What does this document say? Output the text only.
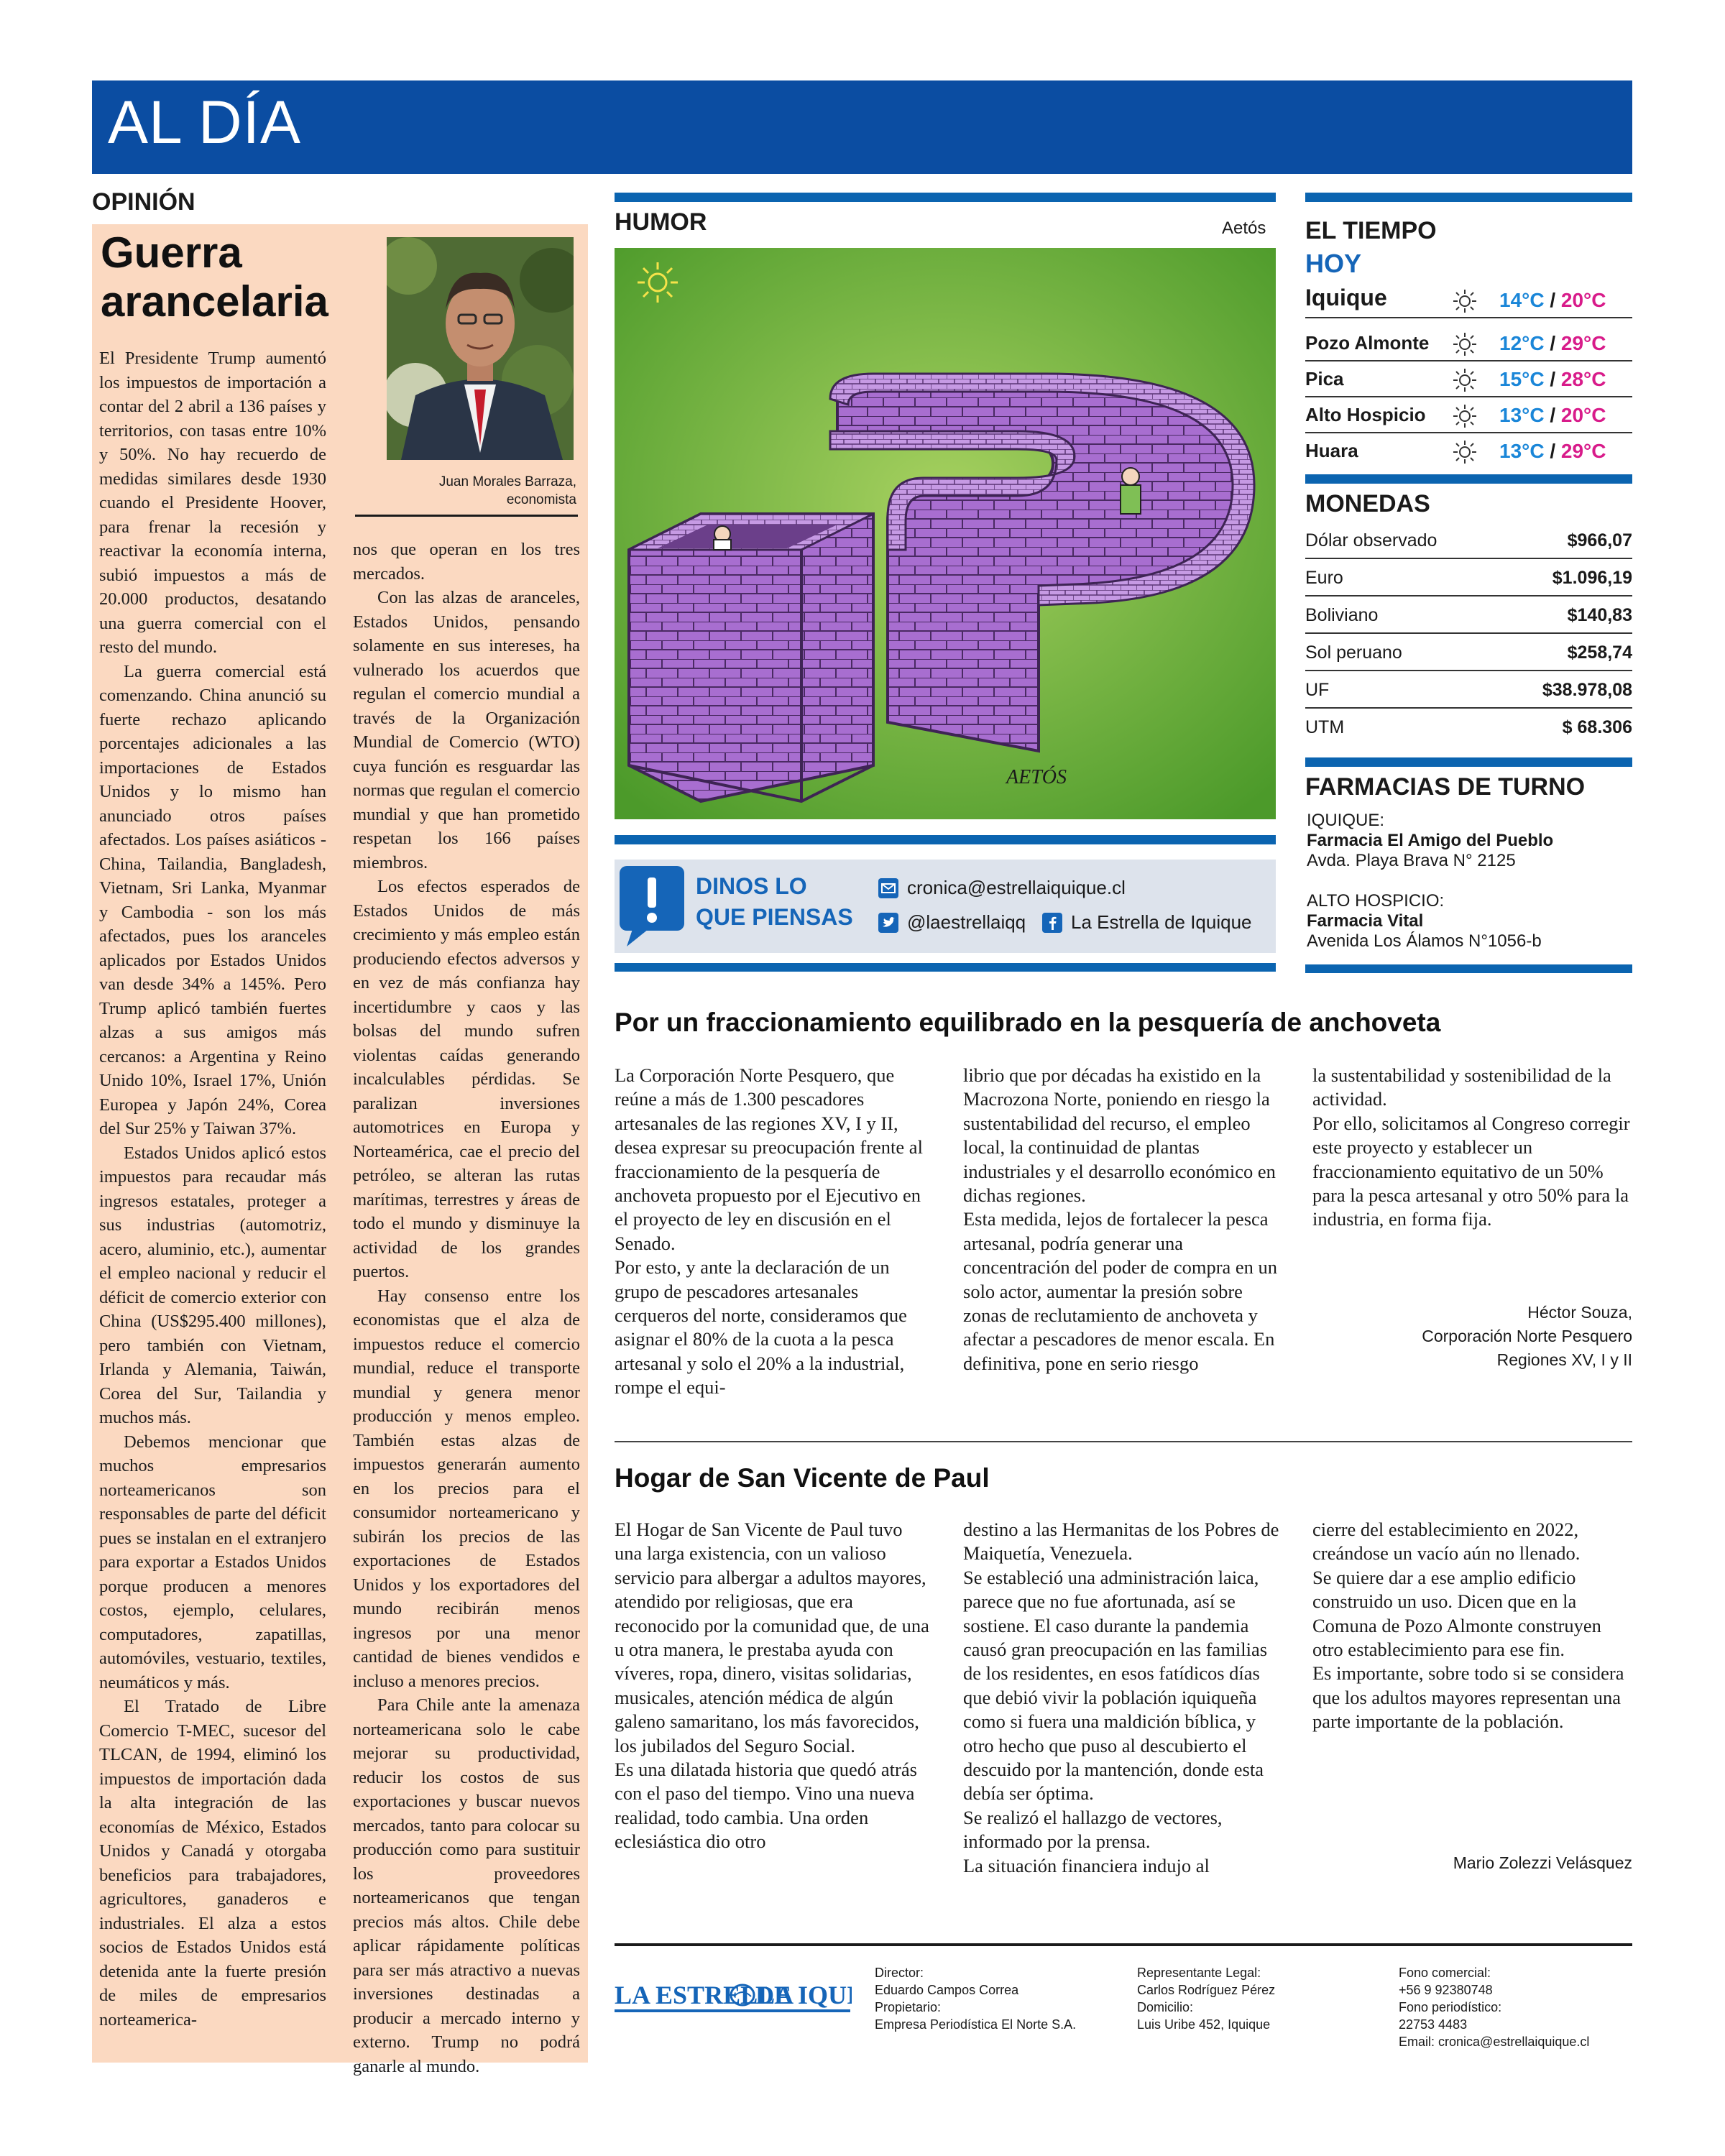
AL DÍA
OPINIÓN
Guerra arancelaria
Juan Morales Barraza,
economista

El Presidente Trump aumentó los impuestos de importación a contar del 2 abril a 136 países y territorios, con tasas entre 10% y 50%. No hay recuerdo de medidas similares desde 1930 cuando el Presidente Hoover, para frenar la recesión y reactivar la economía interna, subió impuestos a más de 20.000 productos, desatando una guerra comercial con el resto del mundo.

La guerra comercial está comenzando. China anunció su fuerte rechazo aplicando porcentajes adicionales a las importaciones de Estados Unidos y lo mismo han anunciado otros países afectados. Los países asiáticos -China, Tailandia, Bangladesh, Vietnam, Sri Lanka, Myanmar y Cambodia - son los más afectados, pues los aranceles aplicados por Estados Unidos van desde 34% a 145%. Pero Trump aplicó también fuertes alzas a sus amigos más cercanos: a Argentina y Reino Unido 10%, Israel 17%, Unión Europea y Japón 24%, Corea del Sur 25% y Taiwan 37%.

Estados Unidos aplicó estos impuestos para recaudar más ingresos estatales, proteger a sus industrias (automotriz, acero, aluminio, etc.), aumentar el empleo nacional y reducir el déficit de comercio exterior con China (US$295.400 millones), pero también con Vietnam, Irlanda y Alemania, Taiwán, Corea del Sur, Tailandia y muchos más.

Debemos mencionar que muchos empresarios norteamericanos son responsables de parte del déficit pues se instalan en el extranjero para exportar a Estados Unidos porque producen a menores costos, ejemplo, celulares, computadores, zapatillas, automóviles, vestuario, textiles, neumáticos y más.

El Tratado de Libre Comercio T-MEC, sucesor del TLCAN, de 1994, eliminó los impuestos de importación dada la alta integración de las economías de México, Estados Unidos y Canadá y otorgaba beneficios para trabajadores, agricultores, ganaderos e industriales. El alza a estos socios de Estados Unidos está detenida ante la fuerte presión de miles de empresarios norteamerica-

nos que operan en los tres mercados.

Con las alzas de aranceles, Estados Unidos, pensando solamente en sus intereses, ha vulnerado los acuerdos que regulan el comercio mundial a través de la Organización Mundial de Comercio (WTO) cuya función es resguardar las normas que regulan el comercio mundial y que han prometido respetan los 166 países miembros.

Los efectos esperados de Estados Unidos de más crecimiento y más empleo están produciendo efectos adversos y en vez de más confianza hay incertidumbre y caos y las bolsas del mundo sufren violentas caídas generando incalculables pérdidas. Se paralizan inversiones automotrices en Europa y Norteamérica, cae el precio del petróleo, se alteran las rutas marítimas, terrestres y áreas de todo el mundo y disminuye la actividad de los grandes puertos.

Hay consenso entre los economistas que el alza de impuestos reduce el comercio mundial, reduce el transporte mundial y genera menor producción y menos empleo. También estas alzas de impuestos generarán aumento en los precios para el consumidor norteamericano y subirán los precios de las exportaciones de Estados Unidos y los exportadores del mundo recibirán menos ingresos por una menor cantidad de bienes vendidos e incluso a menores precios.

Para Chile ante la amenaza norteamericana solo le cabe mejorar su productividad, reducir los costos de sus exportaciones y buscar nuevos mercados, tanto para colocar su producción como para sustituir los proveedores norteamericanos que tengan precios más altos. Chile debe aplicar rápidamente políticas para ser más atractivo a nuevas inversiones destinadas a producir a mercado interno y externo. Trump no podrá ganarle al mundo.

HUMOR	Aetós
AETÓS
DINOS LO
QUE PIENSAS
cronica@estrellaiquique.cl
@laestrellaiqq La Estrella de Iquique
EL TIEMPO
HOY
Iquique	14°C / 20°C
Pozo Almonte	12°C / 29°C
Pica	15°C / 28°C
Alto Hospicio	13°C / 20°C
Huara	13°C / 29°C
MONEDAS
Dólar observado	$966,07
Euro	$1.096,19
Boliviano	$140,83
Sol peruano	$258,74
UF	$38.978,08
UTM	$ 68.306
FARMACIAS DE TURNO
IQUIQUE:
Farmacia El Amigo del Pueblo
Avda. Playa Brava N° 2125
ALTO HOSPICIO:
Farmacia Vital
Avenida Los Álamos N°1056-b
Por un fraccionamiento equilibrado en la pesquería de anchoveta

La Corporación Norte Pesquero, que reúne a más de 1.300 pescadores artesanales de las regiones XV, I y II, desea expresar su preocupación frente al fraccionamiento de la pesquería de anchoveta propuesto por el Ejecutivo en el proyecto de ley en discusión en el Senado.

Por esto, y ante la declaración de un grupo de pescadores artesanales cerqueros del norte, consideramos que asignar el 80% de la cuota a la pesca artesanal y solo el 20% a la industrial, rompe el equi-

librio que por décadas ha existido en la Macrozona Norte, poniendo en riesgo la sustentabilidad del recurso, el empleo local, la continuidad de plantas industriales y el desarrollo económico en dichas regiones.

Esta medida, lejos de fortalecer la pesca artesanal, podría generar una concentración del poder de compra en un solo actor, aumentar la presión sobre zonas de reclutamiento de anchoveta y afectar a pescadores de menor escala. En definitiva, pone en serio riesgo

la sustentabilidad y sostenibilidad de la actividad.

Por ello, solicitamos al Congreso corregir este proyecto y establecer un fraccionamiento equitativo de un 50% para la pesca artesanal y otro 50% para la industria, en forma fija.

Héctor Souza,
Corporación Norte Pesquero
Regiones XV, I y II
Hogar de San Vicente de Paul

El Hogar de San Vicente de Paul tuvo una larga existencia, con un valioso servicio para albergar a adultos mayores, atendido por religiosas, que era reconocido por la comunidad que, de una u otra manera, le prestaba ayuda con víveres, ropa, dinero, visitas solidarias, musicales, atención médica de algún galeno samaritano, los más favorecidos, los jubilados del Seguro Social.

Es una dilatada historia que quedó atrás con el paso del tiempo. Vino una nueva realidad, todo cambia. Una orden eclesiástica dio otro

destino a las Hermanitas de los Pobres de Maiquetía, Venezuela.

Se estableció una administración laica, parece que no fue afortunada, así se sostiene. El caso durante la pandemia causó gran preocupación en las familias de los residentes, en esos fatídicos días que debió vivir la población iquiqueña como si fuera una maldición bíblica, y otro hecho que puso al descubierto el descuido por la mantención, donde esta debía ser óptima.

Se realizó el hallazgo de vectores, informado por la prensa.

La situación financiera indujo al

cierre del establecimiento en 2022, creándose un vacío aún no llenado.

Se quiere dar a ese amplio edificio construido un uso. Dicen que en la Comuna de Pozo Almonte construyen otro establecimiento para ese fin.

Es importante, sobre todo si se considera que los adultos mayores representan una parte importante de la población.

Mario Zolezzi Velásquez
LA ESTRELLA
DE IQU
Director:
Eduardo Campos Correa
Propietario:
Empresa Periodística El Norte S.A.
Representante Legal:
Carlos Rodríguez Pérez
Domicilio:
Luis Uribe 452, Iquique
Fono comercial:
+56 9 92380748
Fono periodístico:
22753 4483
Email: cronica@estrellaiquique.cl
